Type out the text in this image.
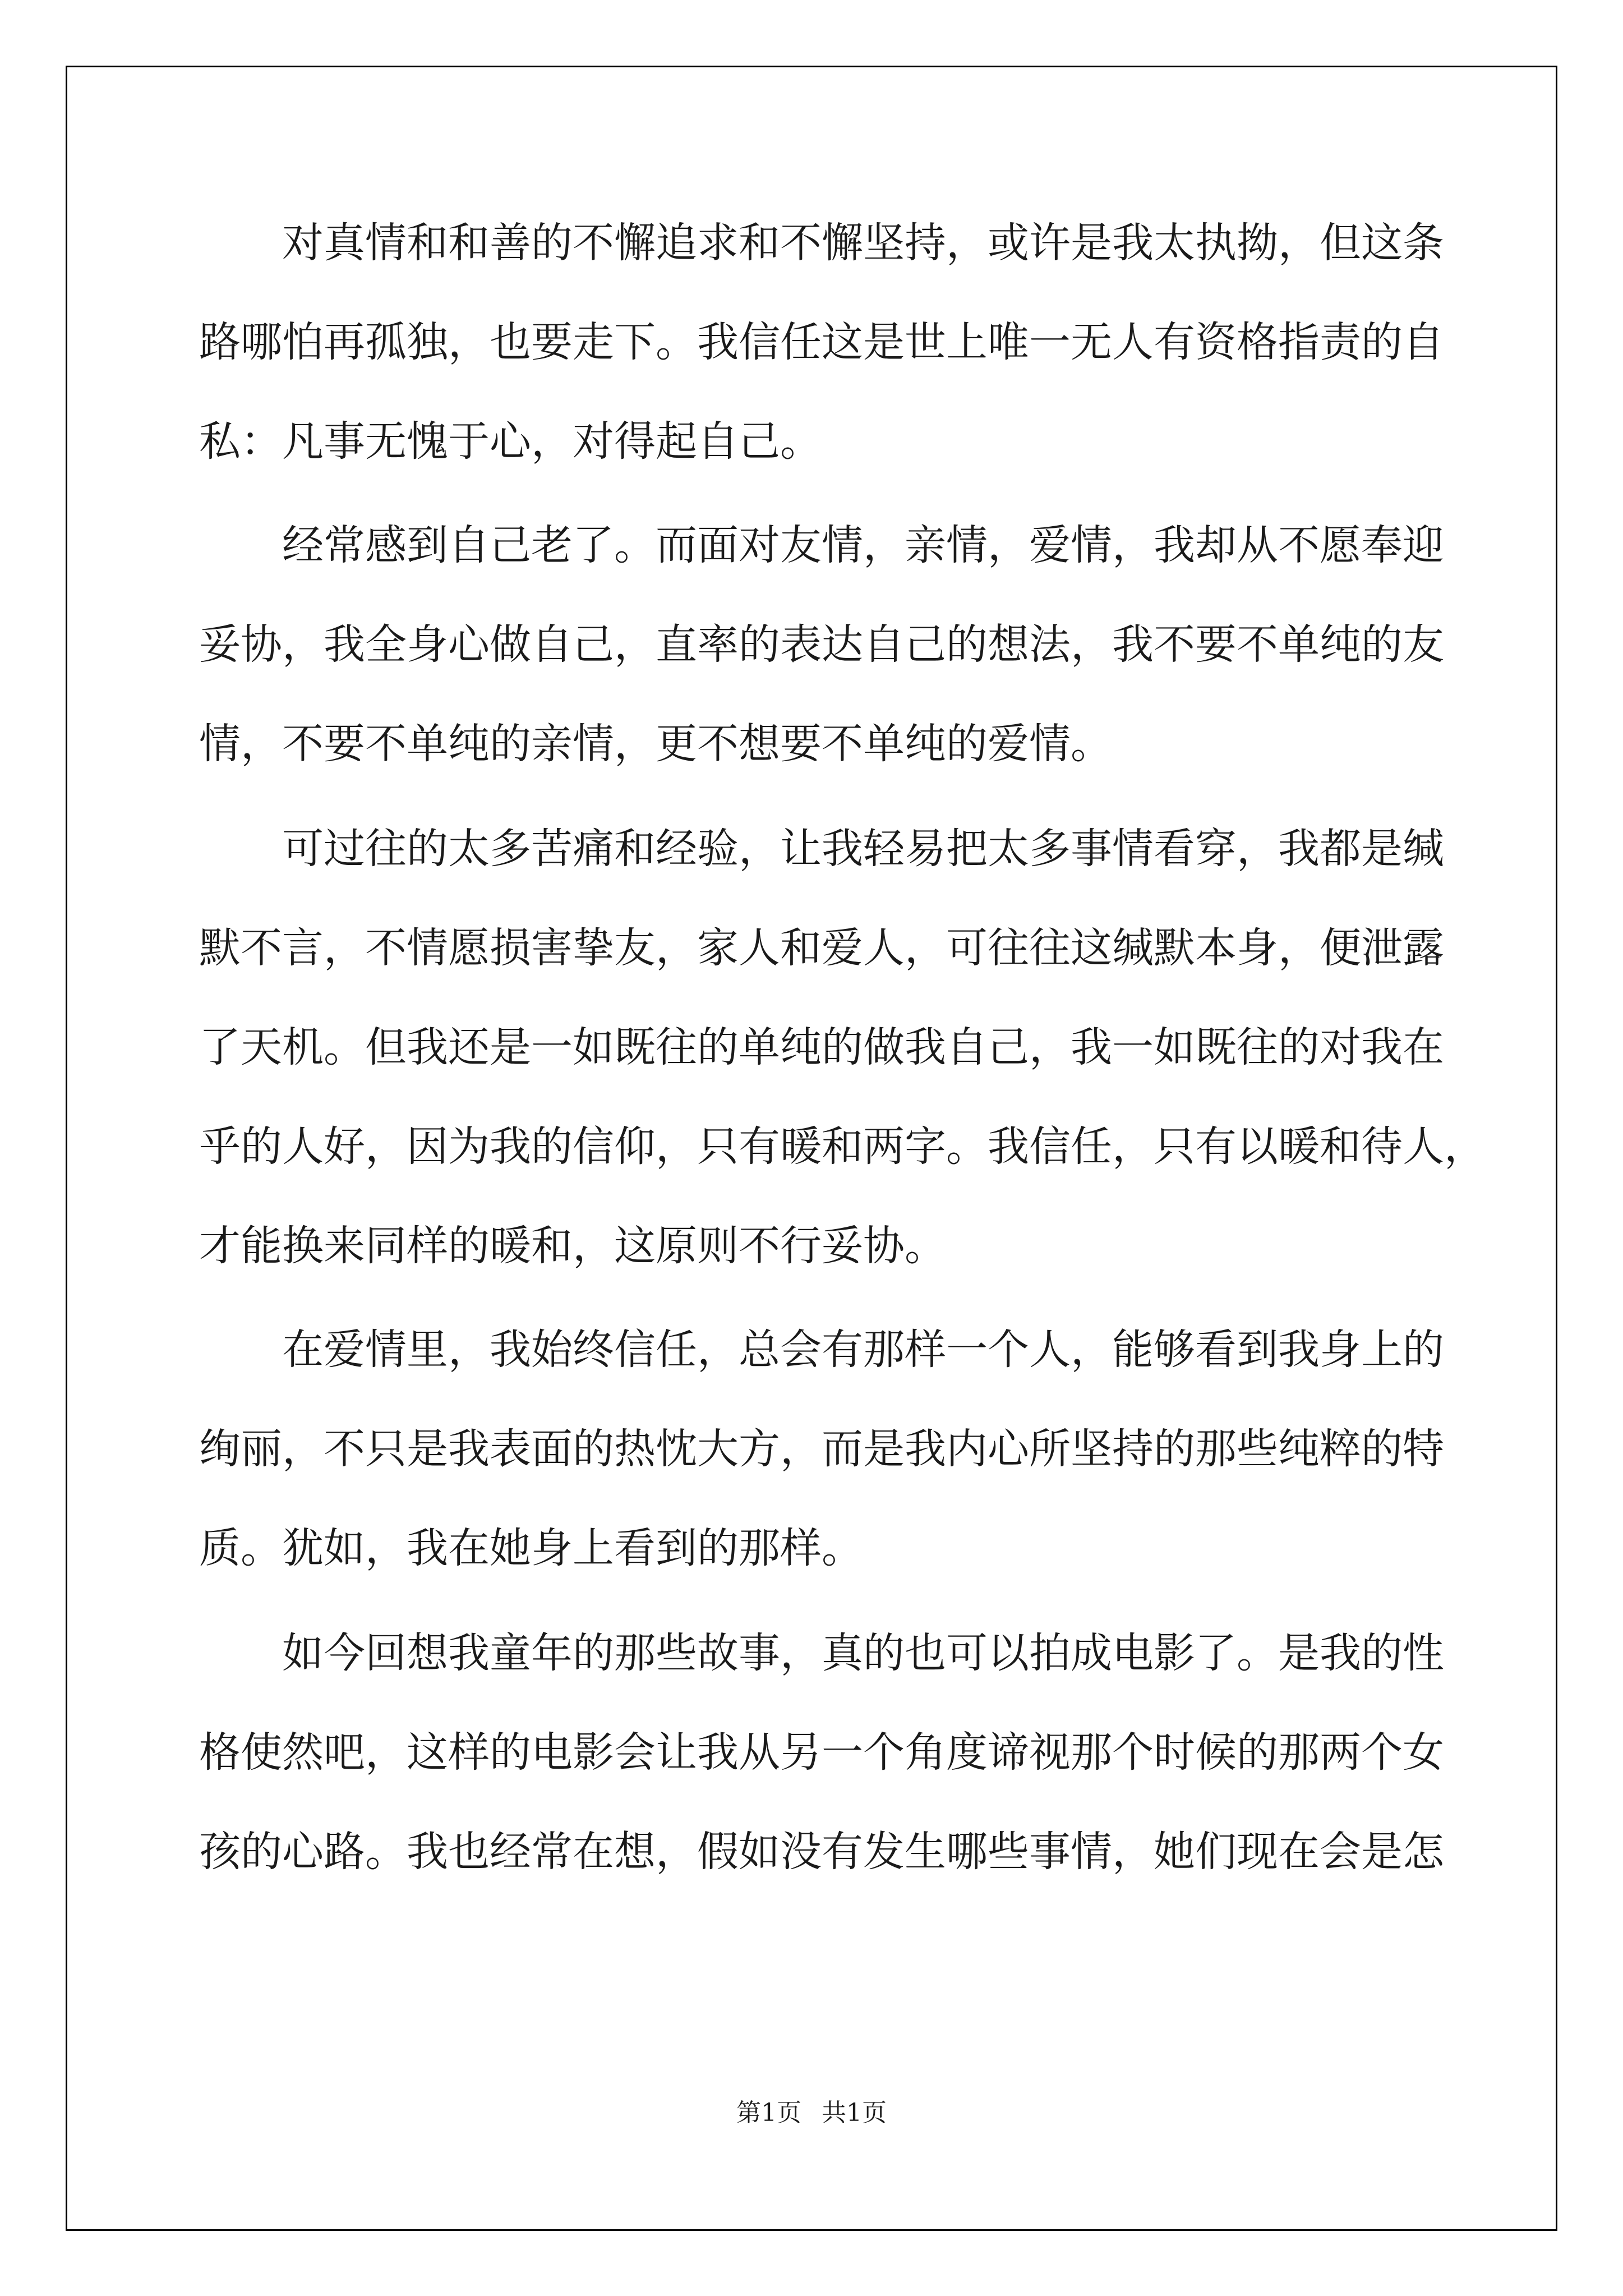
对真情和和善的不懈追求和不懈坚持，或许是我太执拗，但这条
路哪怕再孤独，也要走下。我信任这是世上唯一无人有资格指责的自
私：凡事无愧于心，对得起自己。
经常感到自己老了。而面对友情，亲情，爱情，我却从不愿奉迎
妥协，我全身心做自己，直率的表达自己的想法，我不要不单纯的友
情，不要不单纯的亲情，更不想要不单纯的爱情。
可过往的太多苦痛和经验，让我轻易把太多事情看穿，我都是缄
默不言，不情愿损害挚友，家人和爱人，可往往这缄默本身，便泄露
了天机。但我还是一如既往的单纯的做我自己，我一如既往的对我在
乎的人好，因为我的信仰，只有暖和两字。我信任，只有以暖和待人，
才能换来同样的暖和，这原则不行妥协。
在爱情里，我始终信任，总会有那样一个人，能够看到我身上的
绚丽，不只是我表面的热忱大方，而是我内心所坚持的那些纯粹的特
质。犹如，我在她身上看到的那样。
如今回想我童年的那些故事，真的也可以拍成电影了。是我的性
格使然吧，这样的电影会让我从另一个角度谛视那个时候的那两个女
孩的心路。我也经常在想，假如没有发生哪些事情，她们现在会是怎
第1页 共1页
